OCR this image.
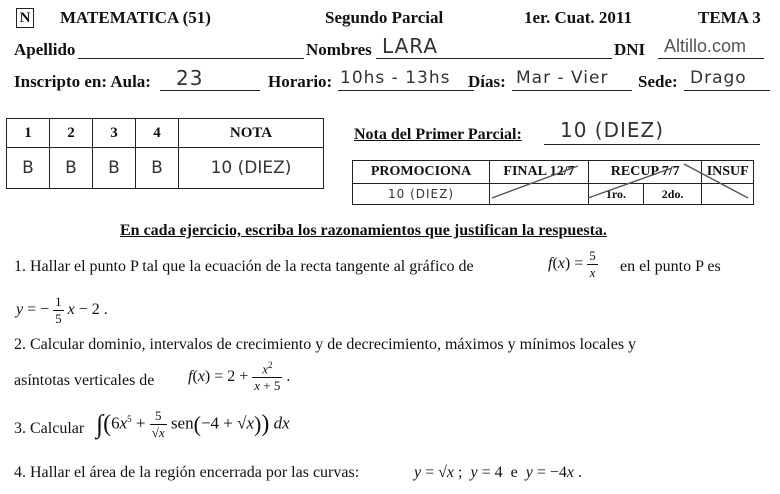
N MATEMATICA (51)	Segundo Parcial	1er. Cuat. 2011	TEMA 3
Apellido	Nombres LARA	DNI Altillo.com
Inscripto en: Aula: 23	Horario: 10hs - 13hs Días: Mar - Vier Sede: Drago
1	2	3	4	NOTA
B	B	B	B	10 (DIEZ)
Nota del Primer Parcial: 10 (DIEZ)
PROMOCIONA	FINAL 12/7	RECUP 7/7		INSUF
10 (DIEZ)		1ro.	2do.	
En cada ejercicio, escriba los razonamientos que justifican la respuesta.
1. Hallar el punto P tal que la ecuación de la recta tangente al gráfico de	$f(x) = \frac{5}{x}$ en el punto P es
y = − $\frac{1}{5}$ x − 2 .
2. Calcular dominio, intervalos de crecimiento y de decrecimiento, máximos y mínimos locales y
asíntotas verticales de $f(x) = 2 + \frac{x^2}{x + 5}$ .
3. Calcular $\int(6x^5 + \frac{5}{√x} sen(-4 + √x))$ dx
4. Hallar el área de la región encerrada por las curvas:	y = √x ;  y = 4  e  y = −4x .
